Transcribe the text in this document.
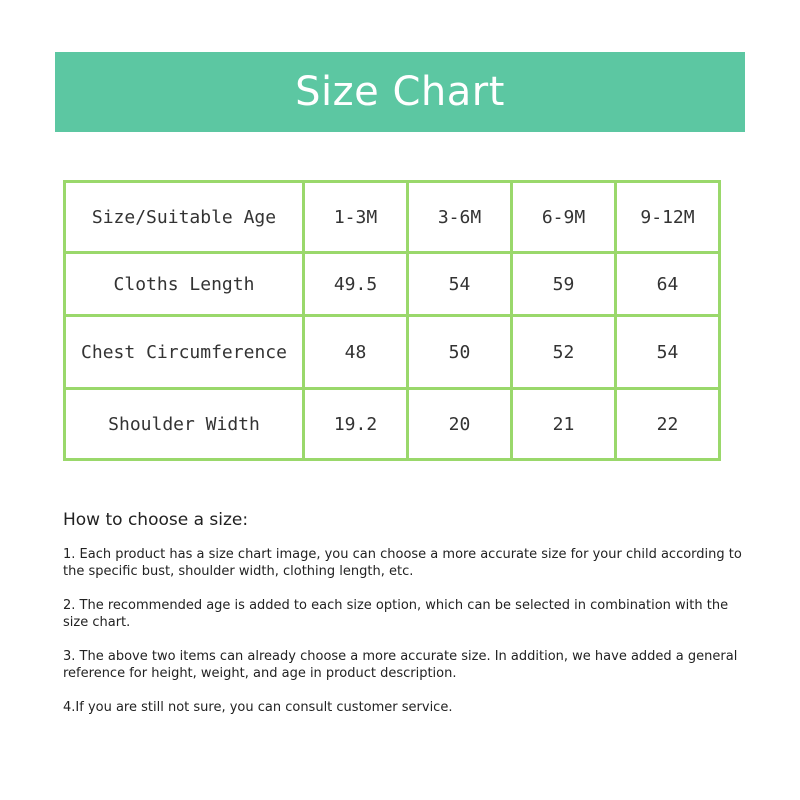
Size Chart
Size/Suitable Age	1-3M	3-6M	6-9M	9-12M
Cloths Length	49.5	54	59	64
Chest Circumference	48	50	52	54
Shoulder Width	19.2	20	21	22
How to choose a size:
1. Each product has a size chart image, you can choose a more accurate size for your child according to the specific bust, shoulder width, clothing length, etc.
2. The recommended age is added to each size option, which can be selected in combination with the size chart.
3. The above two items can already choose a more accurate size. In addition, we have added a general reference for height, weight, and age in product description.
4.If you are still not sure, you can consult customer service.
